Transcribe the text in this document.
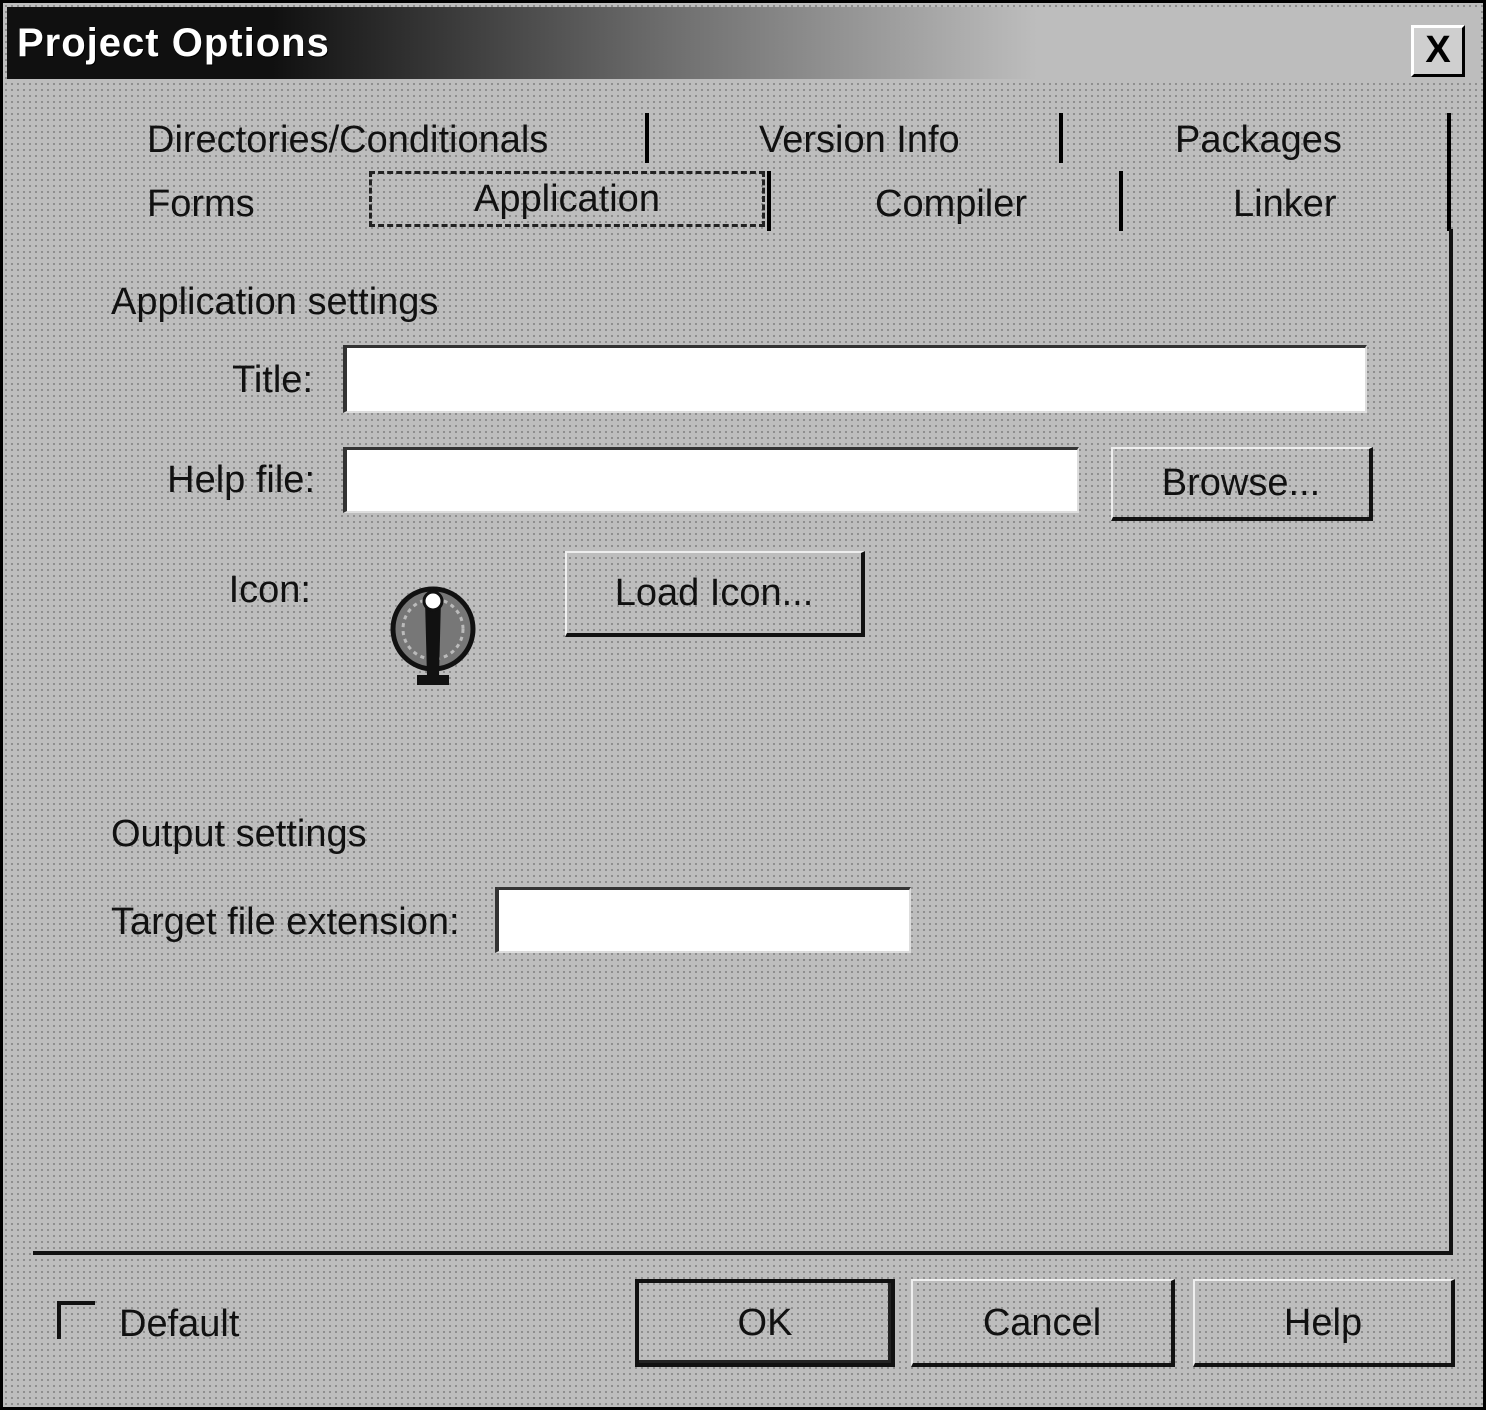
Project Options	X
Directories/Conditionals	Version Info	Packages
Forms	Application	Compiler	Linker
Application settings
Title:
Help file:	Browse...
Icon:	Load Icon...
Output settings
Target file extension:
Default	OK	Cancel	Help
